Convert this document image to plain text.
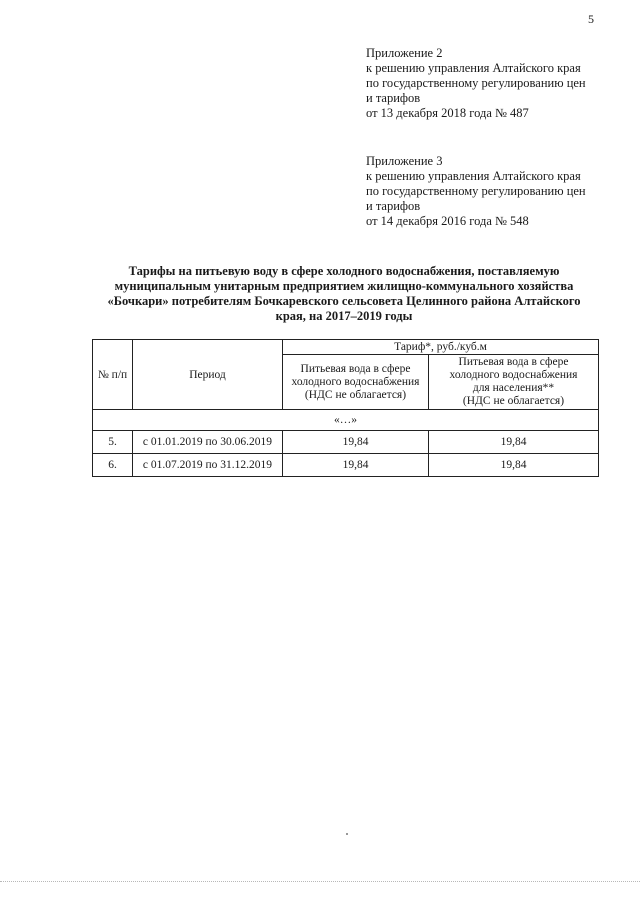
5
Приложение 2
к решению управления Алтайского края
по государственному регулированию цен
и тарифов
от 13 декабря 2018 года № 487
Приложение 3
к решению управления Алтайского края
по государственному регулированию цен
и тарифов
от 14 декабря 2016 года № 548
Тарифы на питьевую воду в сфере холодного водоснабжения, поставляемую муниципальным унитарным предприятием жилищно-коммунального хозяйства «Бочкари» потребителям Бочкаревского сельсовета Целинного района Алтайского края, на 2017–2019 годы
№ п/п	Период	Тариф*, руб./куб.м	
		Питьевая вода в сфере холодного водоснабжения (НДС не облагается)	Питьевая вода в сфере
холодного водоснабжения
для населения**
(НДС не облагается)

«…»			
5.	с 01.01.2019 по 30.06.2019	19,84	19,84
6.	с 01.07.2019 по 31.12.2019	19,84	19,84
